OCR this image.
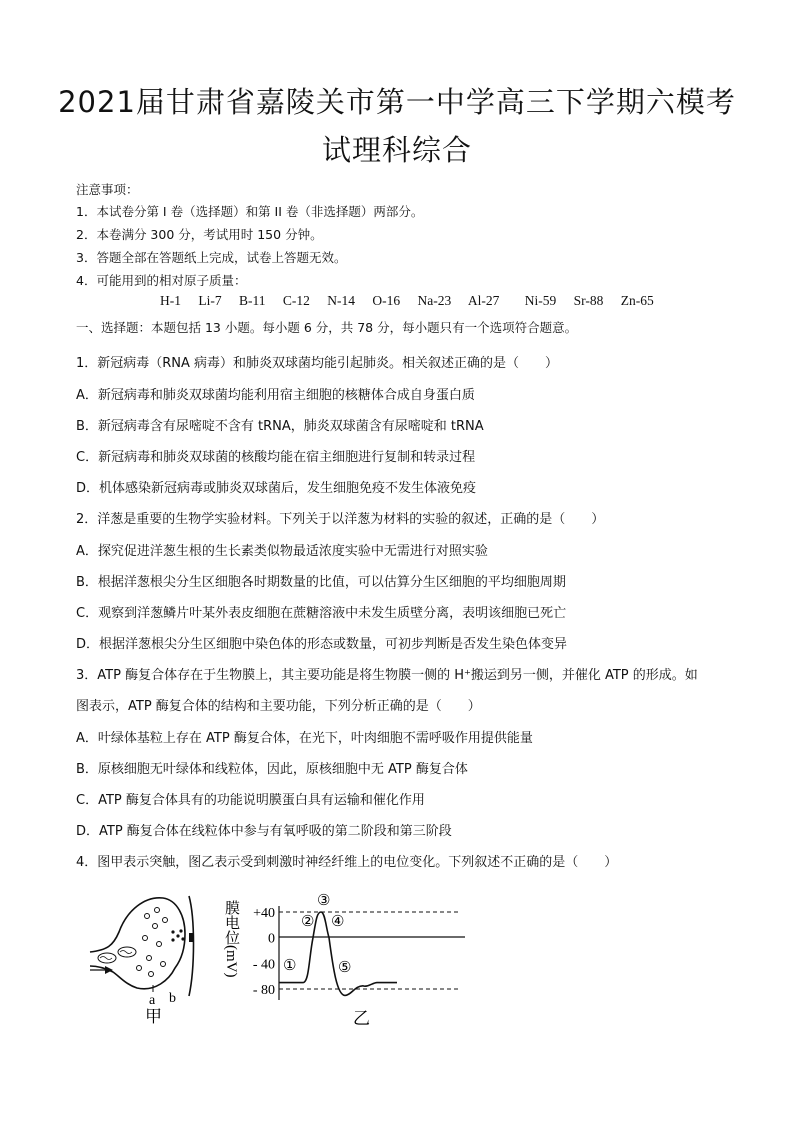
2021届甘肃省嘉陵关市第一中学高三下学期六模考
试理科综合
注意事项：
1．本试卷分第 I 卷（选择题）和第 II 卷（非选择题）两部分。
2．本卷满分 300 分，考试用时 150 分钟。
3．答题全部在答题纸上完成，试卷上答题无效。
4．可能用到的相对原子质量：
H-1 Li-7 B-11 C-12 N-14 O-16 Na-23 Al-27 Ni-59 Sr-88 Zn-65
一、选择题：本题包括 13 小题。每小题 6 分，共 78 分，每小题只有一个选项符合题意。
1．新冠病毒（RNA 病毒）和肺炎双球菌均能引起肺炎。相关叙述正确的是（　　）
A．新冠病毒和肺炎双球菌均能利用宿主细胞的核糖体合成自身蛋白质
B．新冠病毒含有尿嘧啶不含有 tRNA，肺炎双球菌含有尿嘧啶和 tRNA
C．新冠病毒和肺炎双球菌的核酸均能在宿主细胞进行复制和转录过程
D．机体感染新冠病毒或肺炎双球菌后，发生细胞免疫不发生体液免疫
2．洋葱是重要的生物学实验材料。下列关于以洋葱为材料的实验的叙述，正确的是（　　）
A．探究促进洋葱生根的生长素类似物最适浓度实验中无需进行对照实验
B．根据洋葱根尖分生区细胞各时期数量的比值，可以估算分生区细胞的平均细胞周期
C．观察到洋葱鳞片叶某外表皮细胞在蔗糖溶液中未发生质壁分离，表明该细胞已死亡
D．根据洋葱根尖分生区细胞中染色体的形态或数量，可初步判断是否发生染色体变异
3．ATP 酶复合体存在于生物膜上，其主要功能是将生物膜一侧的 H⁺搬运到另一侧，并催化 ATP 的形成。如
图表示，ATP 酶复合体的结构和主要功能，下列分析正确的是（　　）
A．叶绿体基粒上存在 ATP 酶复合体，在光下，叶肉细胞不需呼吸作用提供能量
B．原核细胞无叶绿体和线粒体，因此，原核细胞中无 ATP 酶复合体
C．ATP 酶复合体具有的功能说明膜蛋白具有运输和催化作用
D．ATP 酶复合体在线粒体中参与有氧呼吸的第二阶段和第三阶段
4．图甲表示突触，图乙表示受到刺激时神经纤维上的电位变化。下列叙述不正确的是（　　）
a b
甲
膜电位(mV) +40
0
- 40
- 80
③
② ④
①	⑤
乙
